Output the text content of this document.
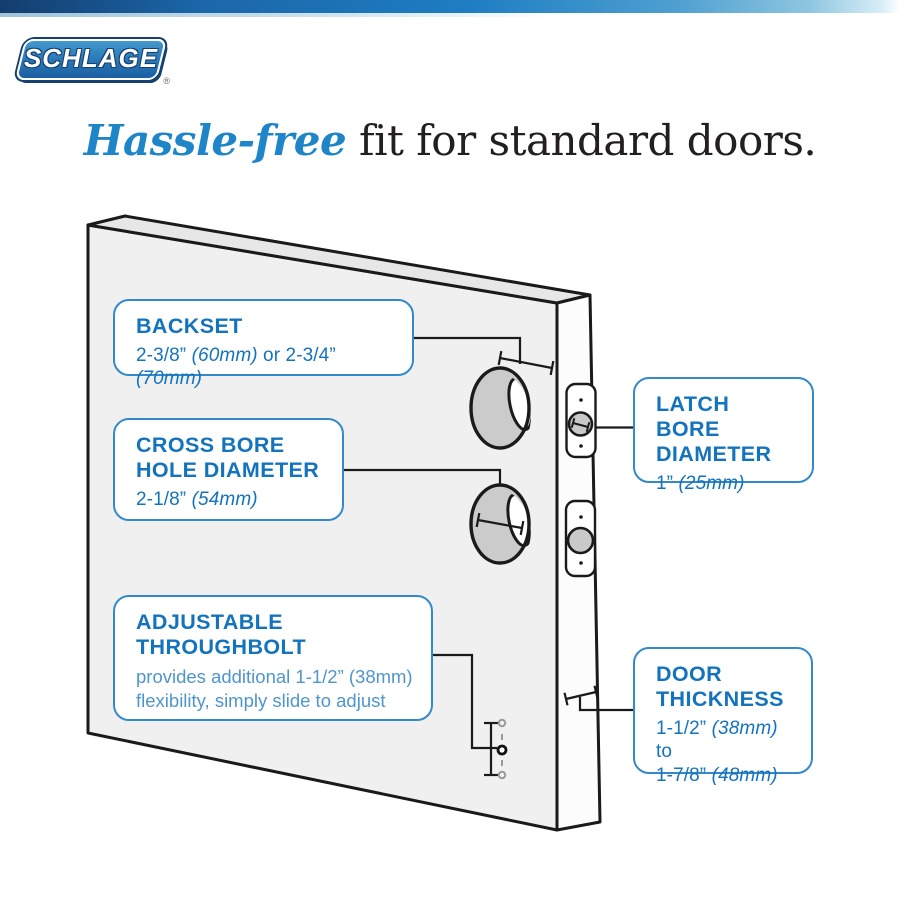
SCHLAGE
®
Hassle-free fit for standard doors.
BACKSET
2-3/8” (60mm) or 2-3/4” (70mm)
CROSS BORE
HOLE DIAMETER
2-1/8” (54mm)
ADJUSTABLE
THROUGHBOLT
provides additional 1-1/2” (38mm)
flexibility, simply slide to adjust
LATCH BORE
DIAMETER
1” (25mm)
DOOR
THICKNESS
1-1/2” (38mm) to
1-7/8” (48mm)
